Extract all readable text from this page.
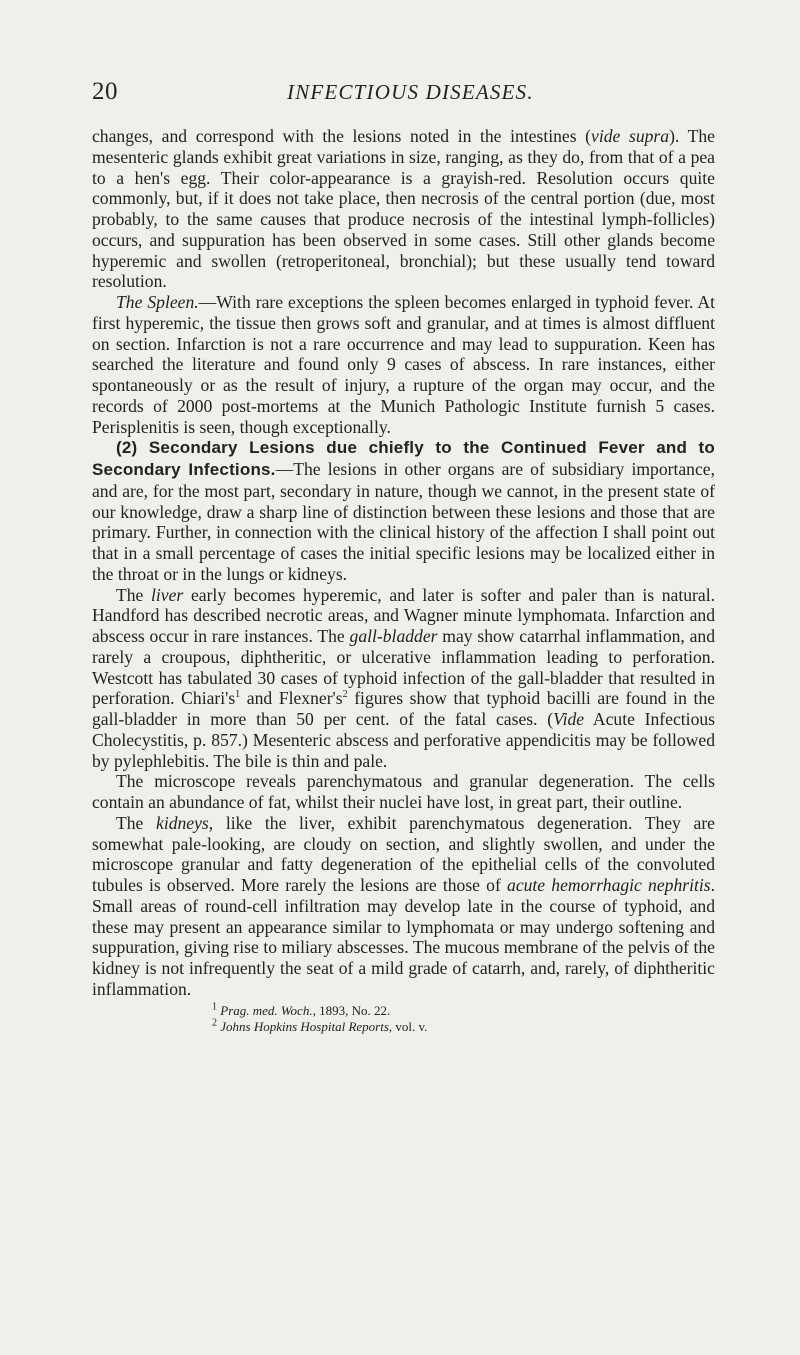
20	INFECTIOUS DISEASES.

changes, and correspond with the lesions noted in the intestines (vide supra). The mesenteric glands exhibit great variations in size, ranging, as they do, from that of a pea to a hen's egg. Their color-appearance is a grayish-red. Resolution occurs quite commonly, but, if it does not take place, then necrosis of the central portion (due, most probably, to the same causes that produce necrosis of the intestinal lymph-follicles) occurs, and suppuration has been observed in some cases. Still other glands become hyperemic and swollen (retroperitoneal, bronchial); but these usually tend toward resolution.

The Spleen.—With rare exceptions the spleen becomes enlarged in typhoid fever. At first hyperemic, the tissue then grows soft and granular, and at times is almost diffluent on section. Infarction is not a rare occurrence and may lead to suppuration. Keen has searched the literature and found only 9 cases of abscess. In rare instances, either spontaneously or as the result of injury, a rupture of the organ may occur, and the records of 2000 post-mortems at the Munich Pathologic Institute furnish 5 cases. Perisplenitis is seen, though exceptionally.

(2) Secondary Lesions due chiefly to the Continued Fever and to Secondary Infections.—The lesions in other organs are of subsidiary importance, and are, for the most part, secondary in nature, though we cannot, in the present state of our knowledge, draw a sharp line of distinction between these lesions and those that are primary. Further, in connection with the clinical history of the affection I shall point out that in a small percentage of cases the initial specific lesions may be localized either in the throat or in the lungs or kidneys.

The liver early becomes hyperemic, and later is softer and paler than is natural. Handford has described necrotic areas, and Wagner minute lymphomata. Infarction and abscess occur in rare instances. The gall-bladder may show catarrhal inflammation, and rarely a croupous, diphtheritic, or ulcerative inflammation leading to perforation. Westcott has tabulated 30 cases of typhoid infection of the gall-bladder that resulted in perforation. $Chiari's^1$ and $Flexner's^2$ figures show that typhoid bacilli are found in the gall-bladder in more than 50 per cent. of the fatal cases. (Vide Acute Infectious Cholecystitis, p. 857.) Mesenteric abscess and perforative appendicitis may be followed by pylephlebitis. The bile is thin and pale.

The microscope reveals parenchymatous and granular degeneration. The cells contain an abundance of fat, whilst their nuclei have lost, in great part, their outline.

The kidneys, like the liver, exhibit parenchymatous degeneration. They are somewhat pale-looking, are cloudy on section, and slightly swollen, and under the microscope granular and fatty degeneration of the epithelial cells of the convoluted tubules is observed. More rarely the lesions are those of acute hemorrhagic nephritis. Small areas of round-cell infiltration may develop late in the course of typhoid, and these may present an appearance similar to lymphomata or may undergo softening and suppuration, giving rise to miliary abscesses. The mucous membrane of the pelvis of the kidney is not infrequently the seat of a mild grade of catarrh, and, rarely, of diphtheritic inflammation.

$^1$ Prag. med. Woch., 1893, No. 22.
$^2$ Johns Hopkins Hospital Reports, vol. v.
